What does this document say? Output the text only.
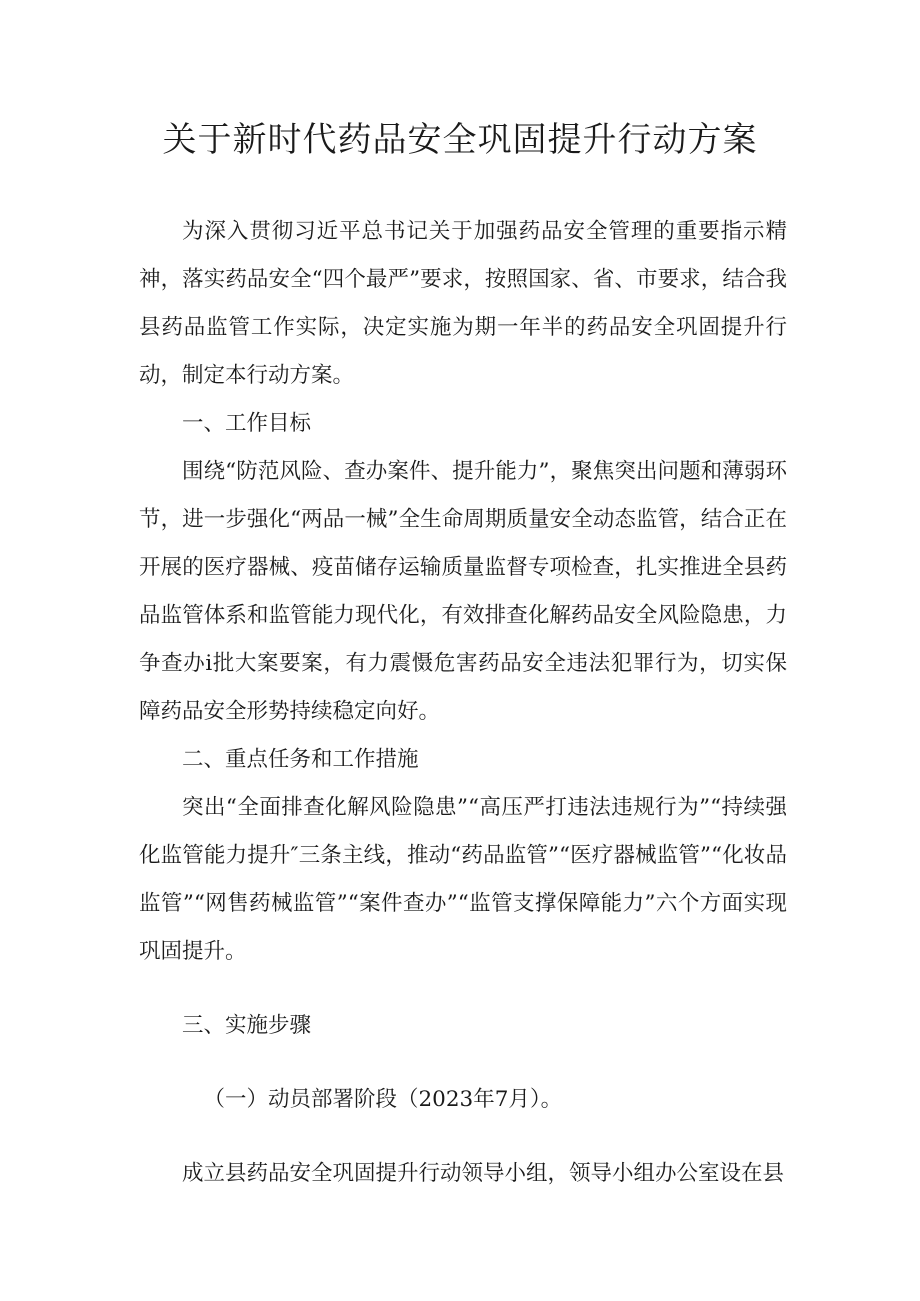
关于新时代药品安全巩固提升行动方案

为深入贯彻习近平总书记关于加强药品安全管理的重要指示精神，落实药品安全“四个最严”要求，按照国家、省、市要求，结合我县药品监管工作实际，决定实施为期一年半的药品安全巩固提升行动，制定本行动方案。

一、工作目标

围绕“防范风险、查办案件、提升能力”，聚焦突出问题和薄弱环节，进一步强化“两品一械”全生命周期质量安全动态监管，结合正在开展的医疗器械、疫苗储存运输质量监督专项检查，扎实推进全县药品监管体系和监管能力现代化，有效排查化解药品安全风险隐患，力争查办i批大案要案，有力震慑危害药品安全违法犯罪行为，切实保障药品安全形势持续稳定向好。

二、重点任务和工作措施

突出“全面排查化解风险隐患”“高压严打违法违规行为”“持续强化监管能力提升″三条主线，推动“药品监管”“医疗器械监管”“化妆品监管”“网售药械监管”“案件查办”“监管支撑保障能力”六个方面实现巩固提升。

三、实施步骤

（一）动员部署阶段（2023年7月）。

成立县药品安全巩固提升行动领导小组，领导小组办公室设在县
